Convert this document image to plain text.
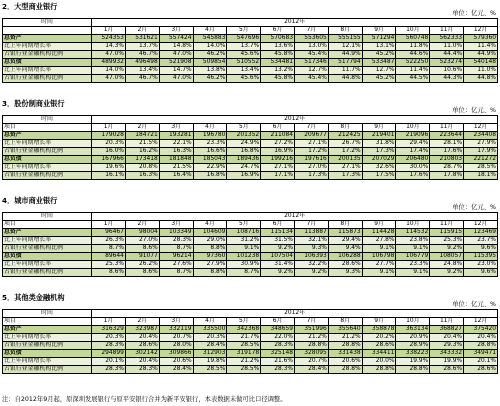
2．大型商业银行
单位：亿元、%
时间	2012年											
	1月	2月	3月	4月	5月	6月	7月	8月	9月	10月	11月	12月
总资产	524353	531621	557424	545883	547696	570683	553605	555155	571294	560748	562333	579360
比上年同期增长率	14.3%	13.7%	14.8%	14.0%	13.7%	13.6%	13.0%	12.1%	13.1%	11.8%	11.0%	11.4%
占银行业金融机构比例	47.0%	46.7%	47.0%	46.2%	45.6%	45.8%	45.4%	44.9%	45.2%	44.6%	44.4%	44.9%
总负债	489932	496498	521908	509854	510552	534481	517346	517794	533487	522250	523274	540148
比上年同期增长率	14.0%	13.4%	14.7%	13.8%	13.4%	13.2%	12.7%	11.7%	12.7%	11.4%	10.6%	11.0%
占银行业金融机构比例	47.0%	46.7%	47.0%	46.2%	45.6%	45.8%	45.4%	44.8%	45.2%	44.5%	44.3%	44.8%
3．股份制商业银行
单位：亿元、%
时间	2012年											
项目	1月	2月	3月	4月	5月	6月	7月	8月	9月	10月	11月	12月
总资产	179028	184721	193281	196780	201352	211084	209677	212425	219401	219096	223644	234408
比上年同期增长率	20.3%	21.5%	22.1%	23.3%	24.9%	27.2%	27.1%	26.7%	31.8%	29.4%	28.1%	27.9%
占银行业金融机构比例	16.0%	16.2%	16.3%	16.6%	16.8%	16.9%	17.2%	17.2%	17.3%	17.4%	17.6%	17.9%
总负债	167966	173418	181848	185043	189436	199216	197616	200135	207029	206480	210803	221272
比上年同期增长率	19.6%	20.8%	21.5%	22.9%	24.7%	27.1%	27.0%	27.1%	32.6%	30.0%	28.7%	28.5%
占银行业金融机构比例	16.1%	16.3%	16.4%	16.8%	16.9%	17.1%	17.3%	17.3%	17.5%	17.6%	17.8%	18.1%
4．城市商业银行
单位：亿元、%
时间	2012年											
项目	1月	2月	3月	4月	5月	6月	7月	8月	9月	10月	11月	12月
总资产	96467	98004	103349	104609	108716	115134	113887	115873	114428	114532	115915	123469
比上年同期增长率	26.3%	27.0%	28.3%	29.0%	31.2%	31.5%	32.1%	29.4%	27.8%	23.8%	25.3%	23.7%
占银行业金融机构比例	8.7%	8.6%	8.7%	8.8%	9.1%	9.2%	9.3%	9.4%	9.1%	9.1%	9.2%	9.6%
总负债	89644	91077	96214	97360	101238	107504	106393	106288	106798	106779	108057	115395
比上年同期增长率	25.3%	26.2%	27.6%	27.9%	30.9%	31.4%	32.2%	28.6%	27.7%	23.3%	24.8%	23.0%
占银行业金融机构比例	8.6%	8.6%	8.7%	8.8%	8.7%	9.2%	9.2%	9.3%	9.1%	9.1%	9.2%	9.6%
5．其他类金融机构
单位：亿元、%
时间	2012年											
项目	1月	2月	3月	4月	5月	6月	7月	8月	9月	10月	11月	12月
总资产	316329	323987	332119	335500	342368	348659	351996	355640	358878	363134	368827	375420
比上年同期增长率	20.3%	20.4%	20.7%	20.3%	21.7%	22.0%	21.2%	21.2%	20.2%	20.9%	20.4%	20.4%
占银行业金融机构比例	28.3%	28.6%	28.0%	28.4%	28.5%	28.3%	28.8%	28.8%	28.6%	28.9%	29.3%	28.8%
总负债	294899	302142	309866	312903	319178	325148	328095	331438	334411	338223	343332	349471
比上年同期增长率	20.1%	20.4%	20.6%	19.8%	21.2%	21.6%	20.7%	20.6%	20.0%	19.9%	19.9%	20.1%
占银行业金融机构比例	28.3%	28.3%	28.4%	28.5%	28.5%	28.3%	28.4%	28.8%	28.8%	28.8%	28.6%	28.6%
注：自2012年9月起，原深圳发展银行与原平安银行合并为新平安银行，本表数据未做可比口径调整。
